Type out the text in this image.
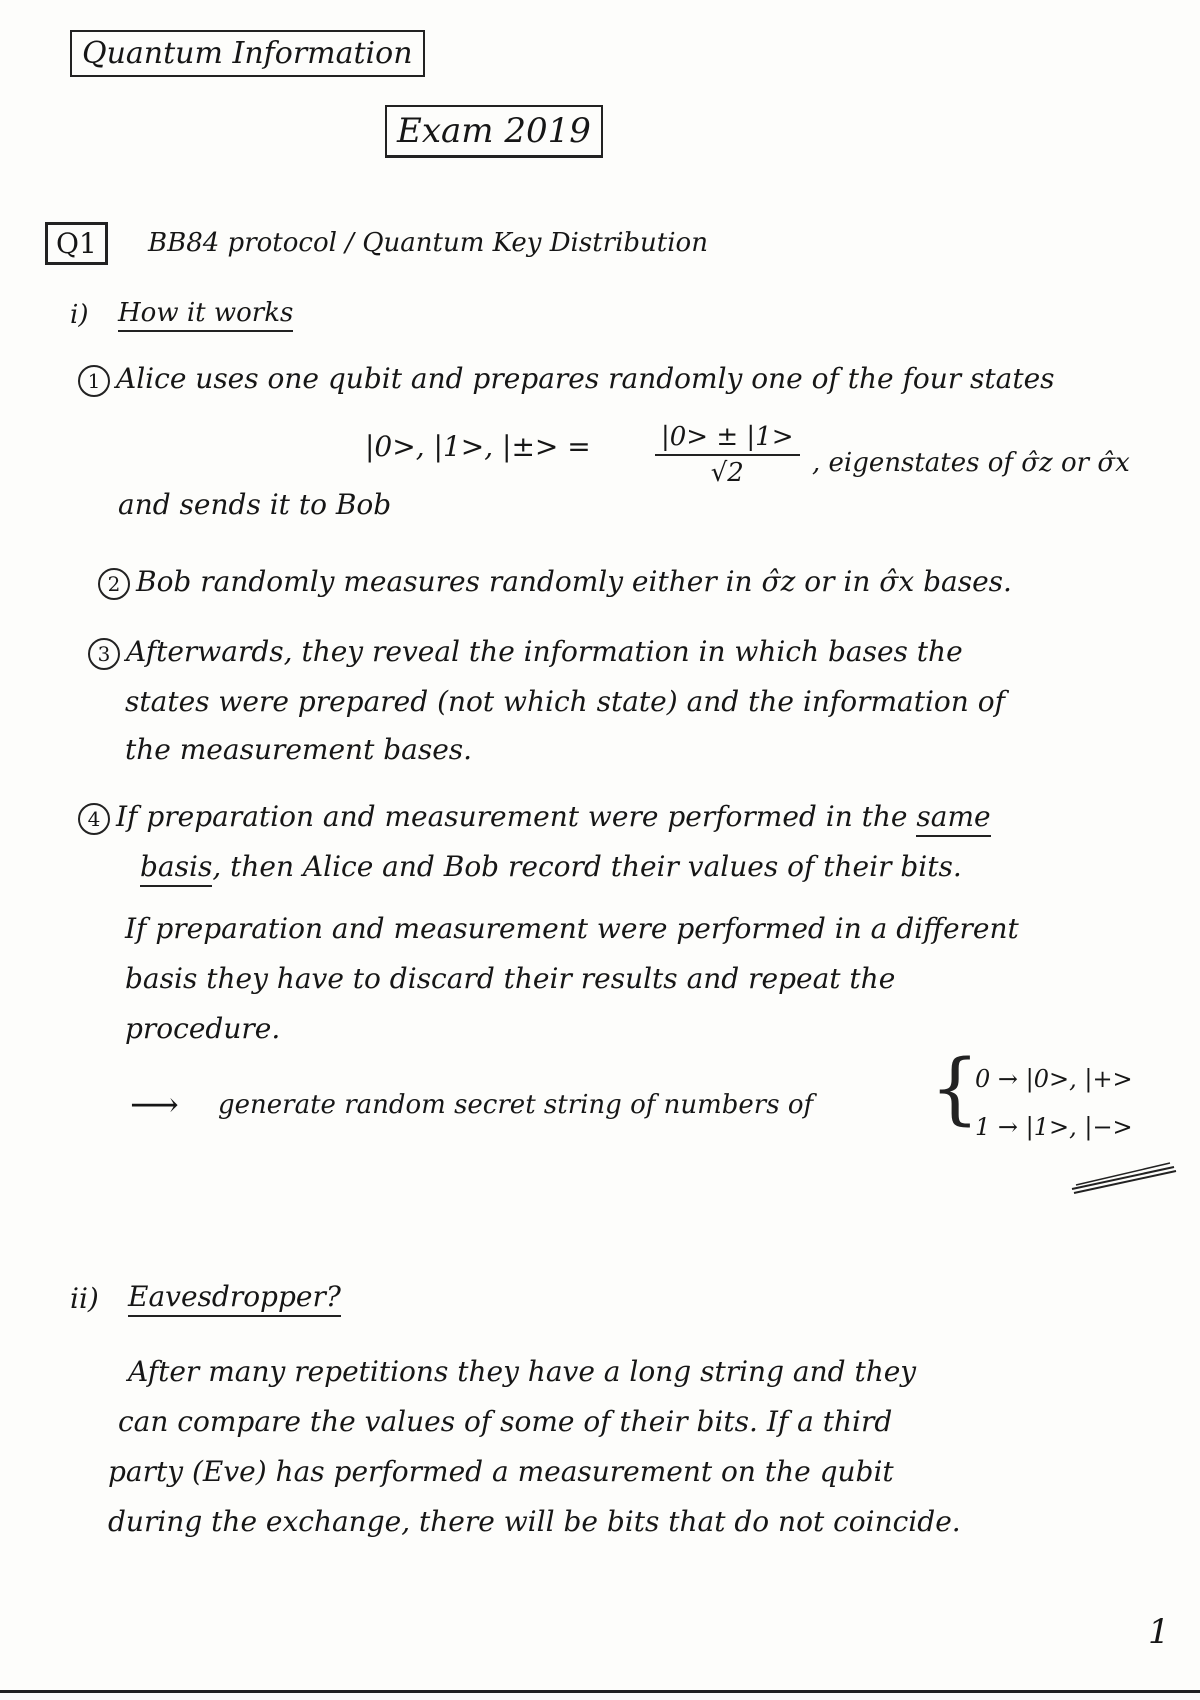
Quantum Information
Exam 2019
Q1	BB84 protocol / Quantum Key Distribution
i) How it works
1 Alice uses one qubit and prepares randomly one of the four states
|0>, |1>, |±> = $\frac{|0> \pm |1>}{√2}$ , eigenstates of σ̂z or σ̂x
and sends it to Bob
2 Bob randomly measures randomly either in σ̂z or in σ̂x bases.
3 Afterwards, they reveal the information in which bases the
states were prepared (not which state) and the information of
the measurement bases.
4 If preparation and measurement were performed in the same
basis, then Alice and Bob record their values of their bits.
If preparation and measurement were performed in a different
basis they have to discard their results and repeat the
procedure.
⟶ generate random secret string of numbers of {
0 → |0>, |+>
1 → |1>, |−>
ii) Eavesdropper?
After many repetitions they have a long string and they
can compare the values of some of their bits. If a third
party (Eve) has performed a measurement on the qubit
during the exchange, there will be bits that do not coincide.
1
